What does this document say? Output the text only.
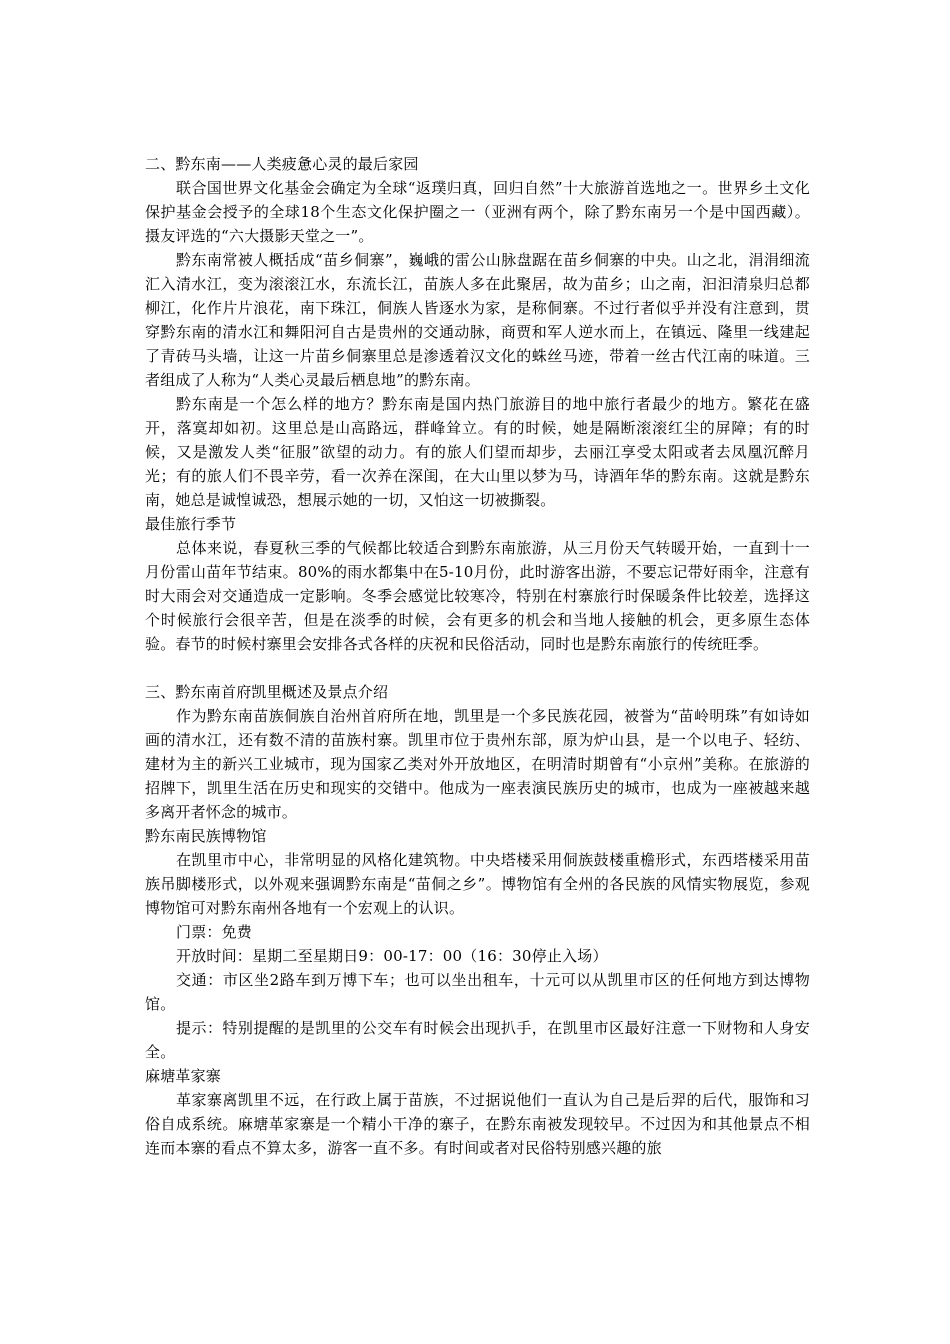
二、黔东南——人类疲惫心灵的最后家园

联合国世界文化基金会确定为全球“返璞归真，回归自然”十大旅游首选地之一。世界乡土文化保护基金会授予的全球18个生态文化保护圈之一（亚洲有两个，除了黔东南另一个是中国西藏）。摄友评选的“六大摄影天堂之一”。

黔东南常被人概括成“苗乡侗寨”，巍峨的雷公山脉盘踞在苗乡侗寨的中央。山之北，涓涓细流汇入清水江，变为滚滚江水，东流长江，苗族人多在此聚居，故为苗乡；山之南，汩汩清泉归总都柳江，化作片片浪花，南下珠江，侗族人皆逐水为家，是称侗寨。不过行者似乎并没有注意到，贯穿黔东南的清水江和舞阳河自古是贵州的交通动脉，商贾和军人逆水而上，在镇远、隆里一线建起了青砖马头墙，让这一片苗乡侗寨里总是渗透着汉文化的蛛丝马迹，带着一丝古代江南的味道。三者组成了人称为“人类心灵最后栖息地”的黔东南。

黔东南是一个怎么样的地方？黔东南是国内热门旅游目的地中旅行者最少的地方。繁花在盛开，落寞却如初。这里总是山高路远，群峰耸立。有的时候，她是隔断滚滚红尘的屏障；有的时候，又是激发人类“征服”欲望的动力。有的旅人们望而却步，去丽江享受太阳或者去凤凰沉醉月光；有的旅人们不畏辛劳，看一次养在深闺，在大山里以梦为马，诗酒年华的黔东南。这就是黔东南，她总是诚惶诚恐，想展示她的一切，又怕这一切被撕裂。

最佳旅行季节

总体来说，春夏秋三季的气候都比较适合到黔东南旅游，从三月份天气转暖开始，一直到十一月份雷山苗年节结束。80%的雨水都集中在5-10月份，此时游客出游，不要忘记带好雨伞，注意有时大雨会对交通造成一定影响。冬季会感觉比较寒冷，特别在村寨旅行时保暖条件比较差，选择这个时候旅行会很辛苦，但是在淡季的时候，会有更多的机会和当地人接触的机会，更多原生态体验。春节的时候村寨里会安排各式各样的庆祝和民俗活动，同时也是黔东南旅行的传统旺季。

三、黔东南首府凯里概述及景点介绍

作为黔东南苗族侗族自治州首府所在地，凯里是一个多民族花园，被誉为“苗岭明珠”有如诗如画的清水江，还有数不清的苗族村寨。凯里市位于贵州东部，原为炉山县，是一个以电子、轻纺、建材为主的新兴工业城市，现为国家乙类对外开放地区，在明清时期曾有“小京州”美称。在旅游的招牌下，凯里生活在历史和现实的交错中。他成为一座表演民族历史的城市，也成为一座被越来越多离开者怀念的城市。

黔东南民族博物馆

在凯里市中心，非常明显的风格化建筑物。中央塔楼采用侗族鼓楼重檐形式，东西塔楼采用苗族吊脚楼形式，以外观来强调黔东南是“苗侗之乡”。博物馆有全州的各民族的风情实物展览，参观博物馆可对黔东南州各地有一个宏观上的认识。

门票：免费

开放时间：星期二至星期日9：00-17：00（16：30停止入场）

交通：市区坐2路车到万博下车；也可以坐出租车，十元可以从凯里市区的任何地方到达博物馆。

提示：特别提醒的是凯里的公交车有时候会出现扒手，在凯里市区最好注意一下财物和人身安全。

麻塘革家寨

革家寨离凯里不远，在行政上属于苗族，不过据说他们一直认为自己是后羿的后代，服饰和习俗自成系统。麻塘革家寨是一个精小干净的寨子，在黔东南被发现较早。不过因为和其他景点不相连而本寨的看点不算太多，游客一直不多。有时间或者对民俗特别感兴趣的旅
